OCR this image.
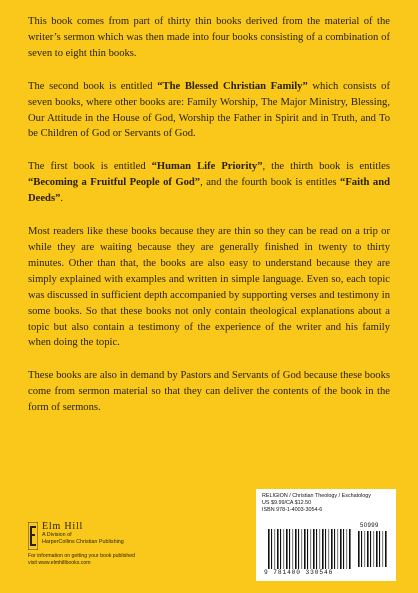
This book comes from part of thirty thin books derived from the material of the writer’s sermon which was then made into four books consisting of a combination of seven to eight thin books.

The second book is entitled “The Blessed Christian Family” which consists of seven books, where other books are: Family Worship, The Major Ministry, Blessing, Our Attitude in the House of God, Worship the Father in Spirit and in Truth, and To be Children of God or Servants of God.

The first book is entitled “Human Life Priority”, the thirth book is entitles “Becoming a Fruitful People of God”, and the fourth book is entitles “Faith and Deeds”.

Most readers like these books because they are thin so they can be read on a trip or while they are waiting because they are generally finished in twenty to thirty minutes. Other than that, the books are also easy to understand because they are simply explained with examples and written in simple language. Even so, each topic was discussed in sufficient depth accompanied by supporting verses and testimony in some books. So that these books not only contain theological explanations about a topic but also contain a testimony of the experience of the writer and his family when doing the topic.

These books are also in demand by Pastors and Servants of God because these books come from sermon material so that they can deliver the contents of the book in the form of sermons.

Elm Hill
A Division of
HarperCollins Christian Publishing
For information on getting your book published
visit www.elmhillbooks.com
RELIGION / Christian Theology / Eschatology
US $9.99/CA $12.50
ISBN 978-1-4003-3054-6
50999
9 781400 330546
